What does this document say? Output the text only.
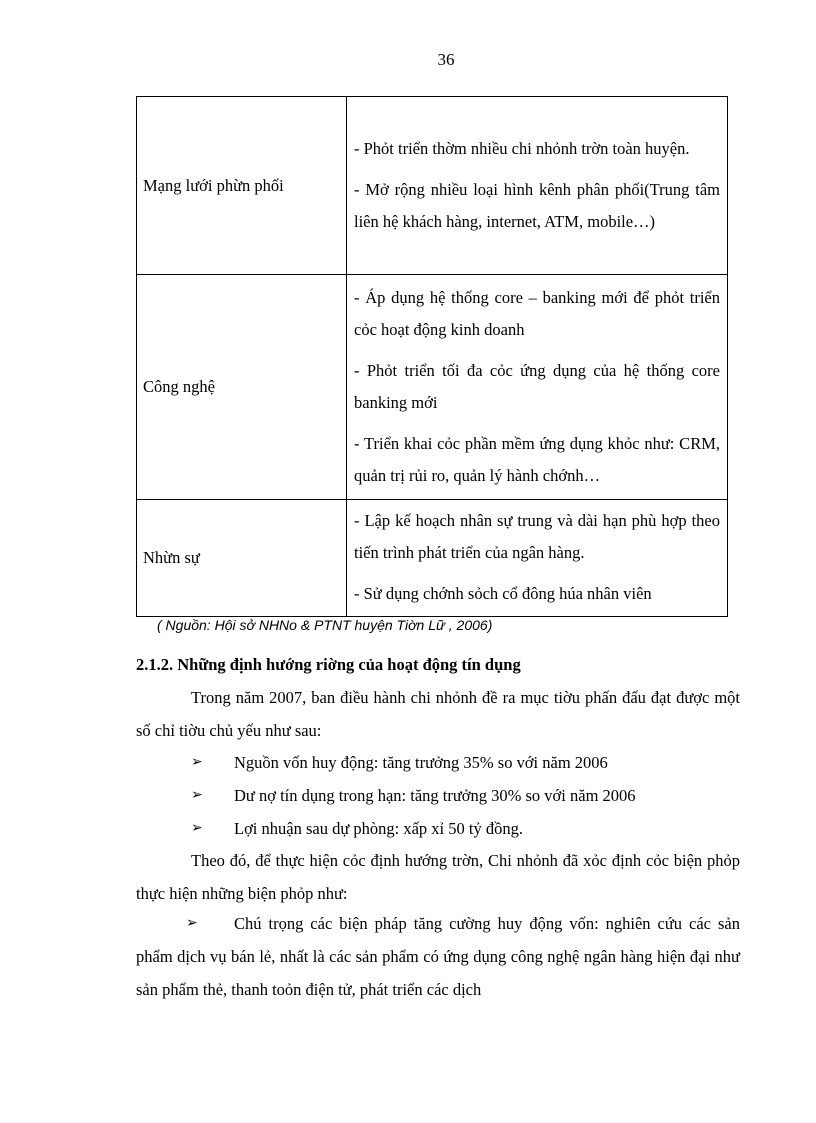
36
Mạng lưới phừn phối	- Phỏt triển thờm nhiều chi nhỏnh trờn toàn huyện.

- Mở rộng nhiều loại hình kênh phân phối(Trung tâm liên hệ khách hàng, internet, ATM, mobile…)

Công nghệ	- Áp dụng hệ thống core – banking mới để phỏt triển cỏc hoạt động kinh doanh

- Phỏt triển tối đa cỏc ứng dụng của hệ thống core banking mới

- Triển khai cỏc phần mềm ứng dụng khỏc như: CRM, quản trị rủi ro, quản lý hành chớnh…

Nhừn sự	- Lập kế hoạch nhân sự trung và dài hạn phù hợp theo tiến trình phát triển của ngân hàng.

- Sử dụng chớnh sỏch cổ đông húa nhân viên

( Nguồn: Hội sở NHNo & PTNT huyện Tiờn Lữ , 2006)
2.1.2. Những định hướng riờng của hoạt động tín dụng
Trong năm 2007, ban điều hành chi nhỏnh đề ra mục tiờu phấn đấu đạt được một số chỉ tiờu chủ yếu như sau:
➢	Nguồn vốn huy động: tăng trưởng 35% so với năm 2006
➢	Dư nợ tín dụng trong hạn: tăng trưởng 30% so với năm 2006
➢	Lợi nhuận sau dự phòng: xấp xỉ 50 tỷ đồng.
Theo đó, để thực hiện cỏc định hướng trờn, Chi nhỏnh đã xỏc định cỏc biện phỏp thực hiện những biện phỏp như:
➢	Chú trọng các biện pháp tăng cường huy động vốn: nghiên cứu các sản phẩm dịch vụ bán lẻ, nhất là các sản phẩm có ứng dụng công nghệ ngân hàng hiện đại như sản phẩm thẻ, thanh toỏn điện tử, phát triển các dịch
